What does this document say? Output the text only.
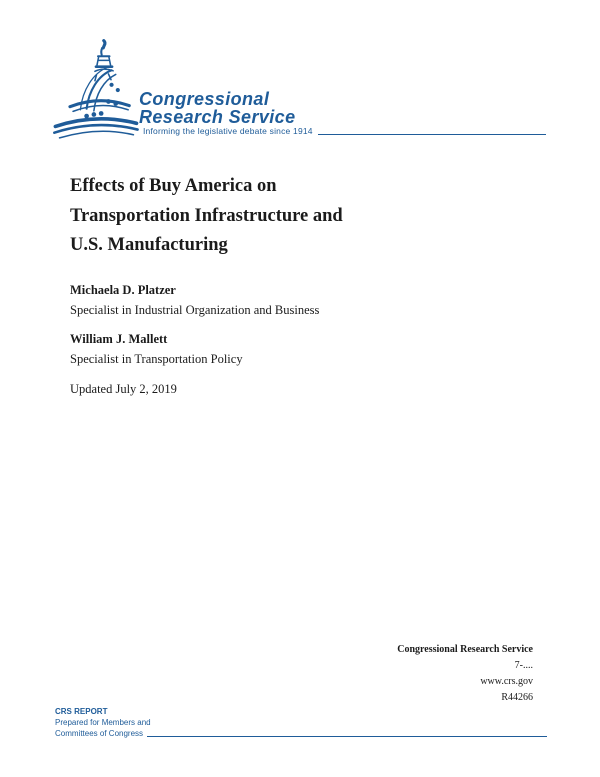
Congressional
Research Service
Informing the legislative debate since 1914
Effects of Buy America on
Transportation Infrastructure and
U.S. Manufacturing
Michaela D. Platzer
Specialist in Industrial Organization and Business
William J. Mallett
Specialist in Transportation Policy
Updated July 2, 2019
Congressional Research Service
7-....
www.crs.gov
R44266
CRS REPORT
Prepared for Members and
Committees of Congress
